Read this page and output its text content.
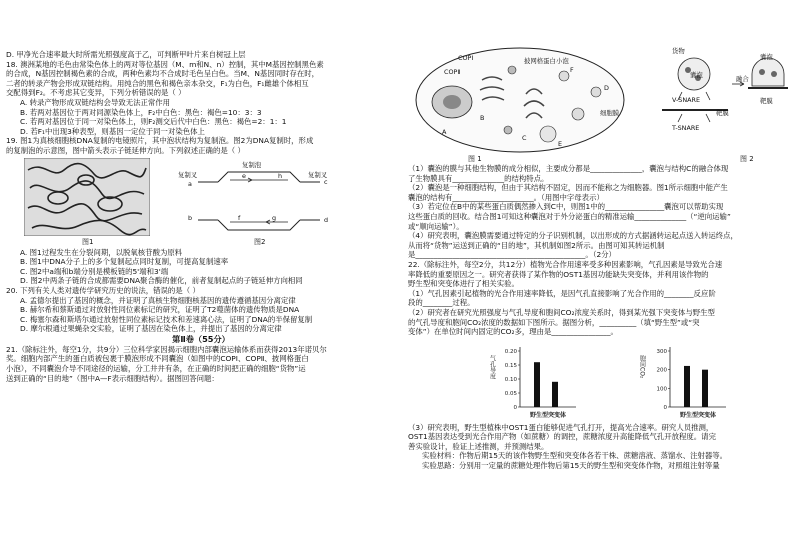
D. 甲净光合速率最大时所需光照强度高于乙，可判断甲叶片来自树冠上层
18. 澳洲某地的毛色由常染色体上的两对等位基因（M、m和N、n）控制，其中M基因控制黑色素
的合成，N基因控制褐色素的合成，两种色素均不合成时毛色呈白色。当M、N基因同时存在时，
二者的转录产物会形成双链结构。用纯合的黑色和褐色亲本杂交，F₁为白色，F₁雌雄个体相互
交配得到F₂。不考虑其它变异，下列分析错误的是（ ）
A. 转录产物形成双链结构会导致无法正常作用
B. 若两对基因位于两对同源染色体上，F₂中白色：黑色：褐色=10：3：3
C. 若两对基因位于同一对染色体上，则F₂测交后代中白色：黑色：褐色=2：1：1
D. 若F₁中出现3种表型，则基因一定位于同一对染色体上
19. 图1为真核细胞核DNA复制的电镜照片，其中泡状结构为复制泡。图2为DNA复制时，形成
的复制泡的示意图，图中箭头表示子链延伸方向。下列叙述正确的是（ ）
图1
复制叉	复制叉
复制泡
a
b
c
d
e
f	g
h
图2
A. 图1过程发生在分裂间期，以脱氧核苷酸为原料
B. 图1中DNA分子上的多个复制起点同时复制，可提高复制速率
C. 图2中a端和b端分别是模板链的5'端和3'端
D. 图2中两条子链的合成都需要DNA聚合酶的催化，前者复制起点的子链延伸方向相同
20. 下列有关人类对遗传学研究历史的说法，错误的是（ ）
A. 孟德尔提出了基因的概念，并证明了真核生物细胞核基因的遗传遵循基因分离定律
B. 赫尔希和蔡斯通过对放射性同位素标记的研究，证明了T2噬菌体的遗传物质是DNA
C. 梅塞尔森和斯塔尔通过放射性同位素标记技术和差速离心法，证明了DNA的半保留复制
D. 摩尔根通过果蝇杂交实验，证明了基因在染色体上，并提出了基因的分离定律
第Ⅱ卷（55分）
21.（除标注外，每空1分，共9分）三位科学家因揭示细胞内部囊泡运输体系而获得2013年诺贝尔
奖。细胞内部产生的蛋白质被包裹于膜泡形成不同囊泡（如图中的COPⅠ、COPⅡ、披网格蛋白
小泡），不同囊泡介导不同途径的运输，分工井井有条，在正确的时间把正确的细胞“货物”运
送到正确的“目的地”（图中A—F表示细胞结构）。据图回答问题：
COPⅠ
COPⅡ
披网格蛋白小泡
细胞膜
A
B
C
D
E
F
图 1
囊泡
货物
V-SNARE
靶膜
T-SNARE
囊泡
融合
靶膜
图 2
（1）囊泡的膜与其他生物膜的成分相似，主要成分都是______________，囊泡与结构C的融合体现
了生物膜具有______________的结构特点。
（2）囊泡是一种细胞结构，但由于其结构不固定，因而不能称之为细胞器。图1所示细胞中能产生
囊泡的结构有______________________。（用图中字母表示）
（3）若定位在B中的某些蛋白质偶然掺入到C中，则图1中的________________囊泡可以帮助实现
这些蛋白质的回收。结合图1可知这种囊泡对于外分泌蛋白的精准运输______________（“逆向运输”
或“顺向运输”）。
（4）研究表明，囊泡膜需要通过特定的分子识别机制，以出形成的方式据涵转运起点送入转运终点，
从而将“货物”运送到正确的“目的地”，其机制如图2所示。由图可知其转运机制
是______________________________________________。（2分）
22.（除标注外，每空2分，共12分）植物光合作用速率受多种因素影响，气孔因素是导致光合速
率降低的重要原因之一。研究者获得了某作物的OST1基因功能缺失突变体，并利用该作物的
野生型和突变体进行了相关实验。
（1）气孔因素引起植物的光合作用速率降低，是因气孔直接影响了光合作用的________反应阶
段的________过程。
（2）研究者在研究光照强度与气孔导度和胞间CO₂浓度关系时，得到某光强下突变体与野生型
的气孔导度和胞间CO₂浓度的数据如下图所示。据图分析，__________（填“野生型”或“突
变体”）在单位时间内固定的CO₂多，理由是________________。
0
0.05
0.10
0.15
0.20
气孔导度
野生型突变体
0
100
200
300
胞间CO₂
野生型突变体
（3）研究表明，野生型植株中OST1蛋白能够促进气孔打开，提高光合速率。研究人员推测，
OST1基因表达受到光合作用产物（如蔗糖）的调控，蔗糖浓度升高能降低气孔开放程度。请完
善实验设计，验证上述推测，并预测结果。
实验材料：作物后期15天的该作物野生型和突变体各若干株、蔗糖溶液、蒸馏水、注射器等。
实验思路：分别用一定量的蔗糖处理作物后第15天的野生型和突变体作物，对照组注射等量
